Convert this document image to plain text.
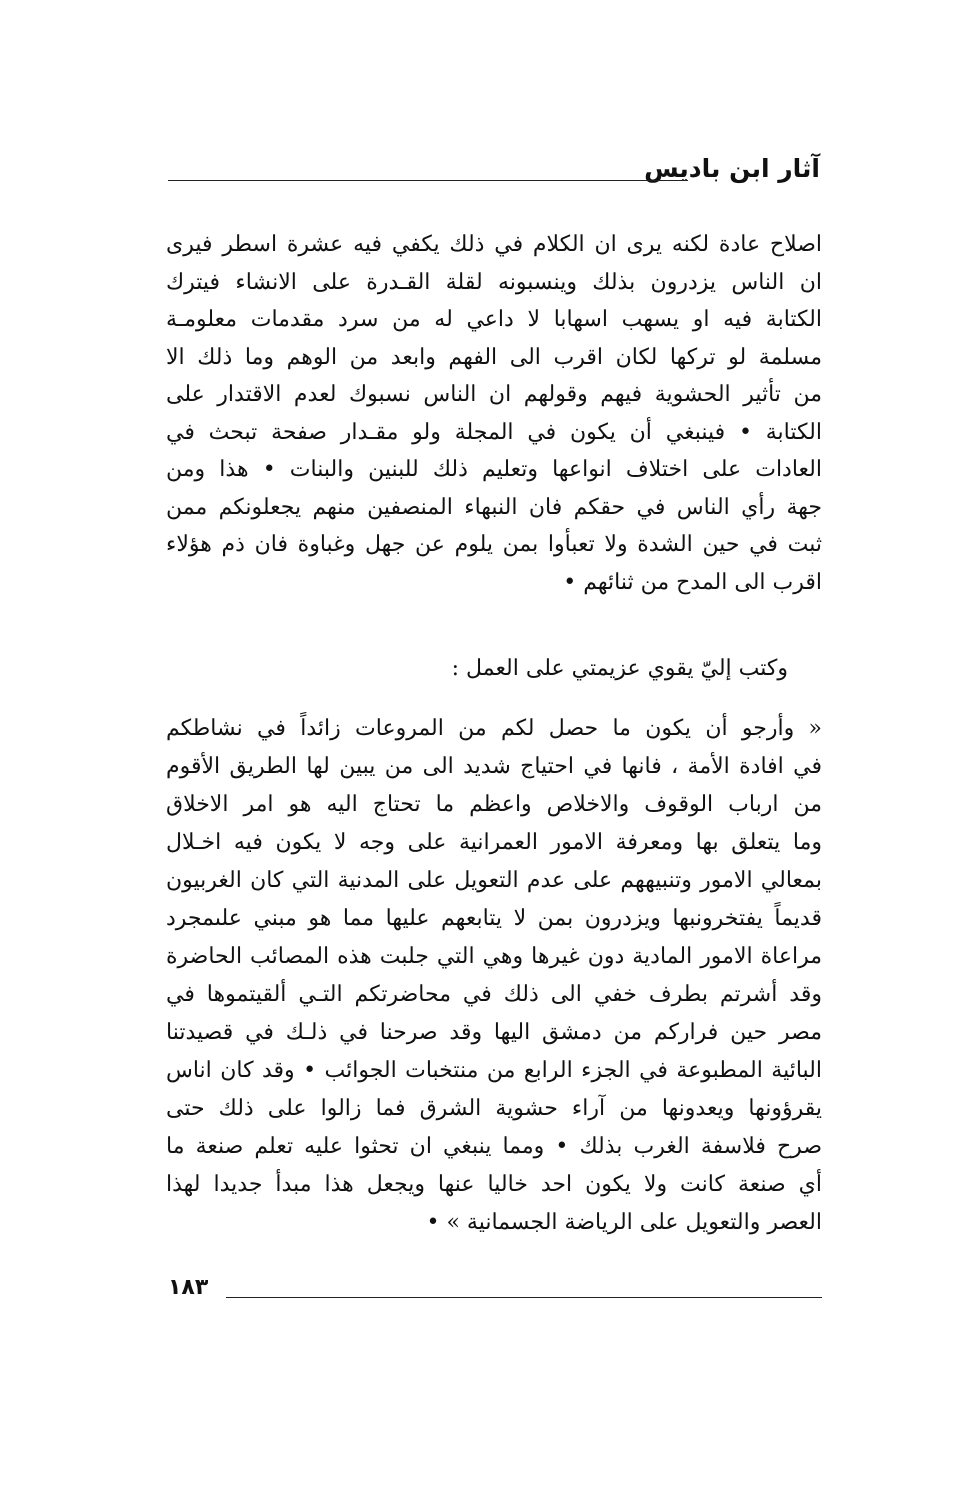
آثار ابن باديس
اصلاح عادة لكنه يرى ان الكلام في ذلك يكفي فيه عشرة اسطر فيرى
ان الناس يزدرون بذلك وينسبونه لقلة القـدرة على الانشاء فيترك
الكتابة فيه او يسهب اسهابا لا داعي له من سرد مقدمات معلومـة
مسلمة لو تركها لكان اقرب الى الفهم وابعد من الوهم وما ذلك الا
من تأثير الحشوية فيهم وقولهم ان الناس نسبوك لعدم الاقتدار على
الكتابة • فينبغي أن يكون في المجلة ولو مقـدار صفحة تبحث في
العادات على اختلاف انواعها وتعليم ذلك للبنين والبنات • هذا ومن
جهة رأي الناس في حقكم فان النبهاء المنصفين منهم يجعلونكم ممن
ثبت في حين الشدة ولا تعبأوا بمن يلوم عن جهل وغباوة فان ذم هؤلاء
اقرب الى المدح من ثنائهم •
وكتب إليّ يقوي عزيمتي على العمل :
« وأرجو أن يكون ما حصل لكم من المروعات زائداً في نشاطكم
في افادة الأمة ، فانها في احتياج شديد الى من يبين لها الطريق الأقوم
من ارباب الوقوف والاخلاص واعظم ما تحتاج اليه هو امر الاخلاق
وما يتعلق بها ومعرفة الامور العمرانية على وجه لا يكون فيه اخـلال
بمعالي الامور وتنبيههم على عدم التعويل على المدنية التي كان الغربيون
قديماً يفتخرونبها ويزدرون بمن لا يتابعهم عليها مما هو مبني علىمجرد
مراعاة الامور المادية دون غيرها وهي التي جلبت هذه المصائب الحاضرة
وقد أشرتم بطرف خفي الى ذلك في محاضرتكم التـي ألقيتموها في
مصر حين فراركم من دمشق اليها وقد صرحنا في ذلـك في قصيدتنا
البائية المطبوعة في الجزء الرابع من منتخبات الجوائب • وقد كان اناس
يقرؤونها ويعدونها من آراء حشوية الشرق فما زالوا على ذلك حتى
صرح فلاسفة الغرب بذلك • ومما ينبغي ان تحثوا عليه تعلم صنعة ما
أي صنعة كانت ولا يكون احد خاليا عنها ويجعل هذا مبدأ جديدا لهذا
العصر والتعويل على الرياضة الجسمانية » •
١٨٣
